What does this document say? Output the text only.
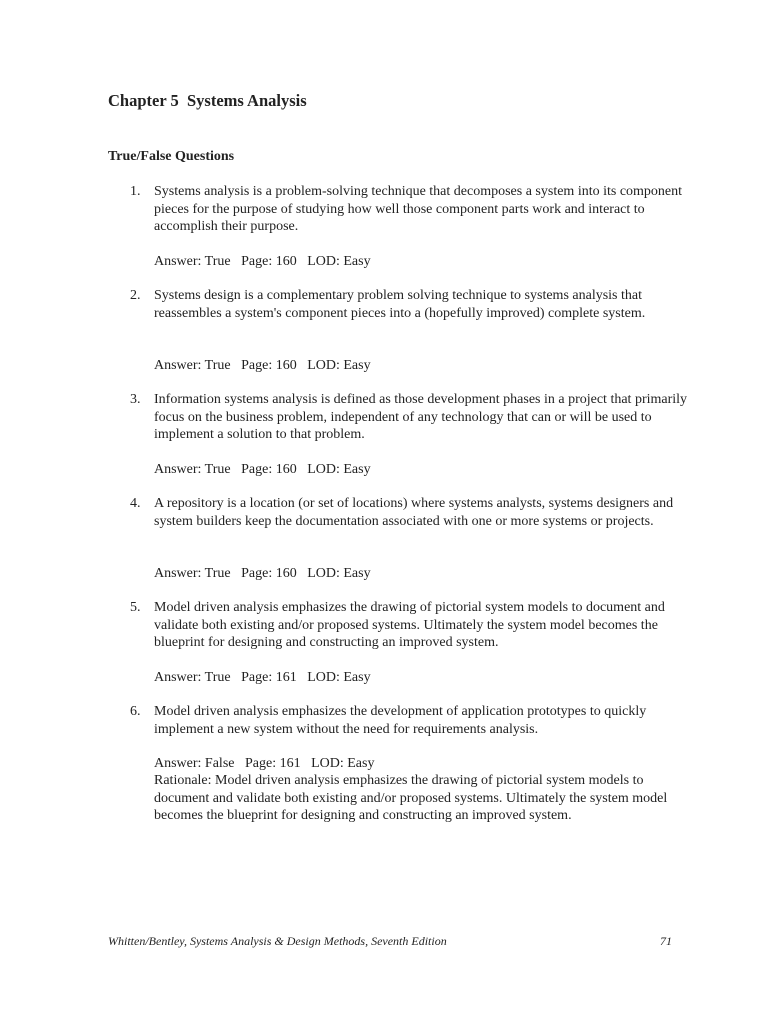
Chapter 5  Systems Analysis
True/False Questions
1. Systems analysis is a problem-solving technique that decomposes a system into its component pieces for the purpose of studying how well those component parts work and interact to accomplish their purpose.
Answer: True   Page: 160   LOD: Easy
2. Systems design is a complementary problem solving technique to systems analysis that reassembles a system's component pieces into a (hopefully improved) complete system.
Answer: True   Page: 160   LOD: Easy
3. Information systems analysis is defined as those development phases in a project that primarily focus on the business problem, independent of any technology that can or will be used to implement a solution to that problem.
Answer: True   Page: 160   LOD: Easy
4. A repository is a location (or set of locations) where systems analysts, systems designers and system builders keep the documentation associated with one or more systems or projects.
Answer: True   Page: 160   LOD: Easy
5. Model driven analysis emphasizes the drawing of pictorial system models to document and validate both existing and/or proposed systems. Ultimately the system model becomes the blueprint for designing and constructing an improved system.
Answer: True   Page: 161   LOD: Easy
6. Model driven analysis emphasizes the development of application prototypes to quickly implement a new system without the need for requirements analysis.
Answer: False   Page: 161   LOD: Easy
Rationale: Model driven analysis emphasizes the drawing of pictorial system models to document and validate both existing and/or proposed systems. Ultimately the system model becomes the blueprint for designing and constructing an improved system.
Whitten/Bentley, Systems Analysis & Design Methods, Seventh Edition	71
